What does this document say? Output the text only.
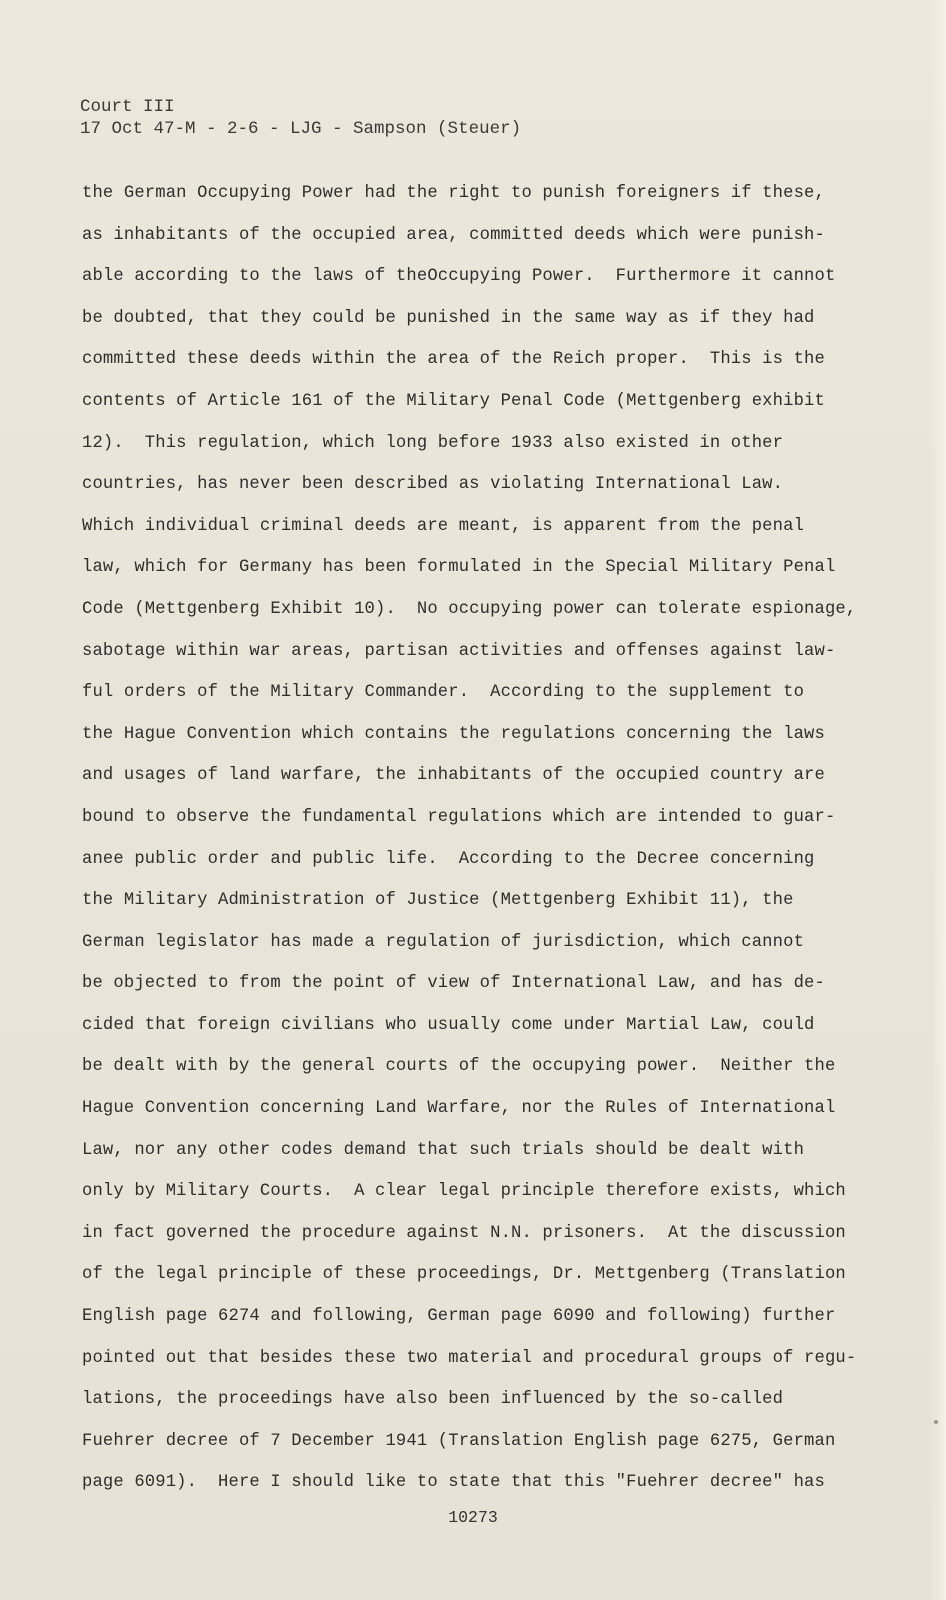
Court III
17 Oct 47-M - 2-6 - LJG - Sampson (Steuer)
the German Occupying Power had the right to punish foreigners if these,
as inhabitants of the occupied area, committed deeds which were punish-
able according to the laws of theOccupying Power.  Furthermore it cannot
be doubted, that they could be punished in the same way as if they had
committed these deeds within the area of the Reich proper.  This is the
contents of Article 161 of the Military Penal Code (Mettgenberg exhibit
12).  This regulation, which long before 1933 also existed in other
countries, has never been described as violating International Law.
Which individual criminal deeds are meant, is apparent from the penal
law, which for Germany has been formulated in the Special Military Penal
Code (Mettgenberg Exhibit 10).  No occupying power can tolerate espionage,
sabotage within war areas, partisan activities and offenses against law-
ful orders of the Military Commander.  According to the supplement to
the Hague Convention which contains the regulations concerning the laws
and usages of land warfare, the inhabitants of the occupied country are
bound to observe the fundamental regulations which are intended to guar-
anee public order and public life.  According to the Decree concerning
the Military Administration of Justice (Mettgenberg Exhibit 11), the
German legislator has made a regulation of jurisdiction, which cannot
be objected to from the point of view of International Law, and has de-
cided that foreign civilians who usually come under Martial Law, could
be dealt with by the general courts of the occupying power.  Neither the
Hague Convention concerning Land Warfare, nor the Rules of International
Law, nor any other codes demand that such trials should be dealt with
only by Military Courts.  A clear legal principle therefore exists, which
in fact governed the procedure against N.N. prisoners.  At the discussion
of the legal principle of these proceedings, Dr. Mettgenberg (Translation
English page 6274 and following, German page 6090 and following) further
pointed out that besides these two material and procedural groups of regu-
lations, the proceedings have also been influenced by the so-called
Fuehrer decree of 7 December 1941 (Translation English page 6275, German
page 6091).  Here I should like to state that this "Fuehrer decree" has
10273
